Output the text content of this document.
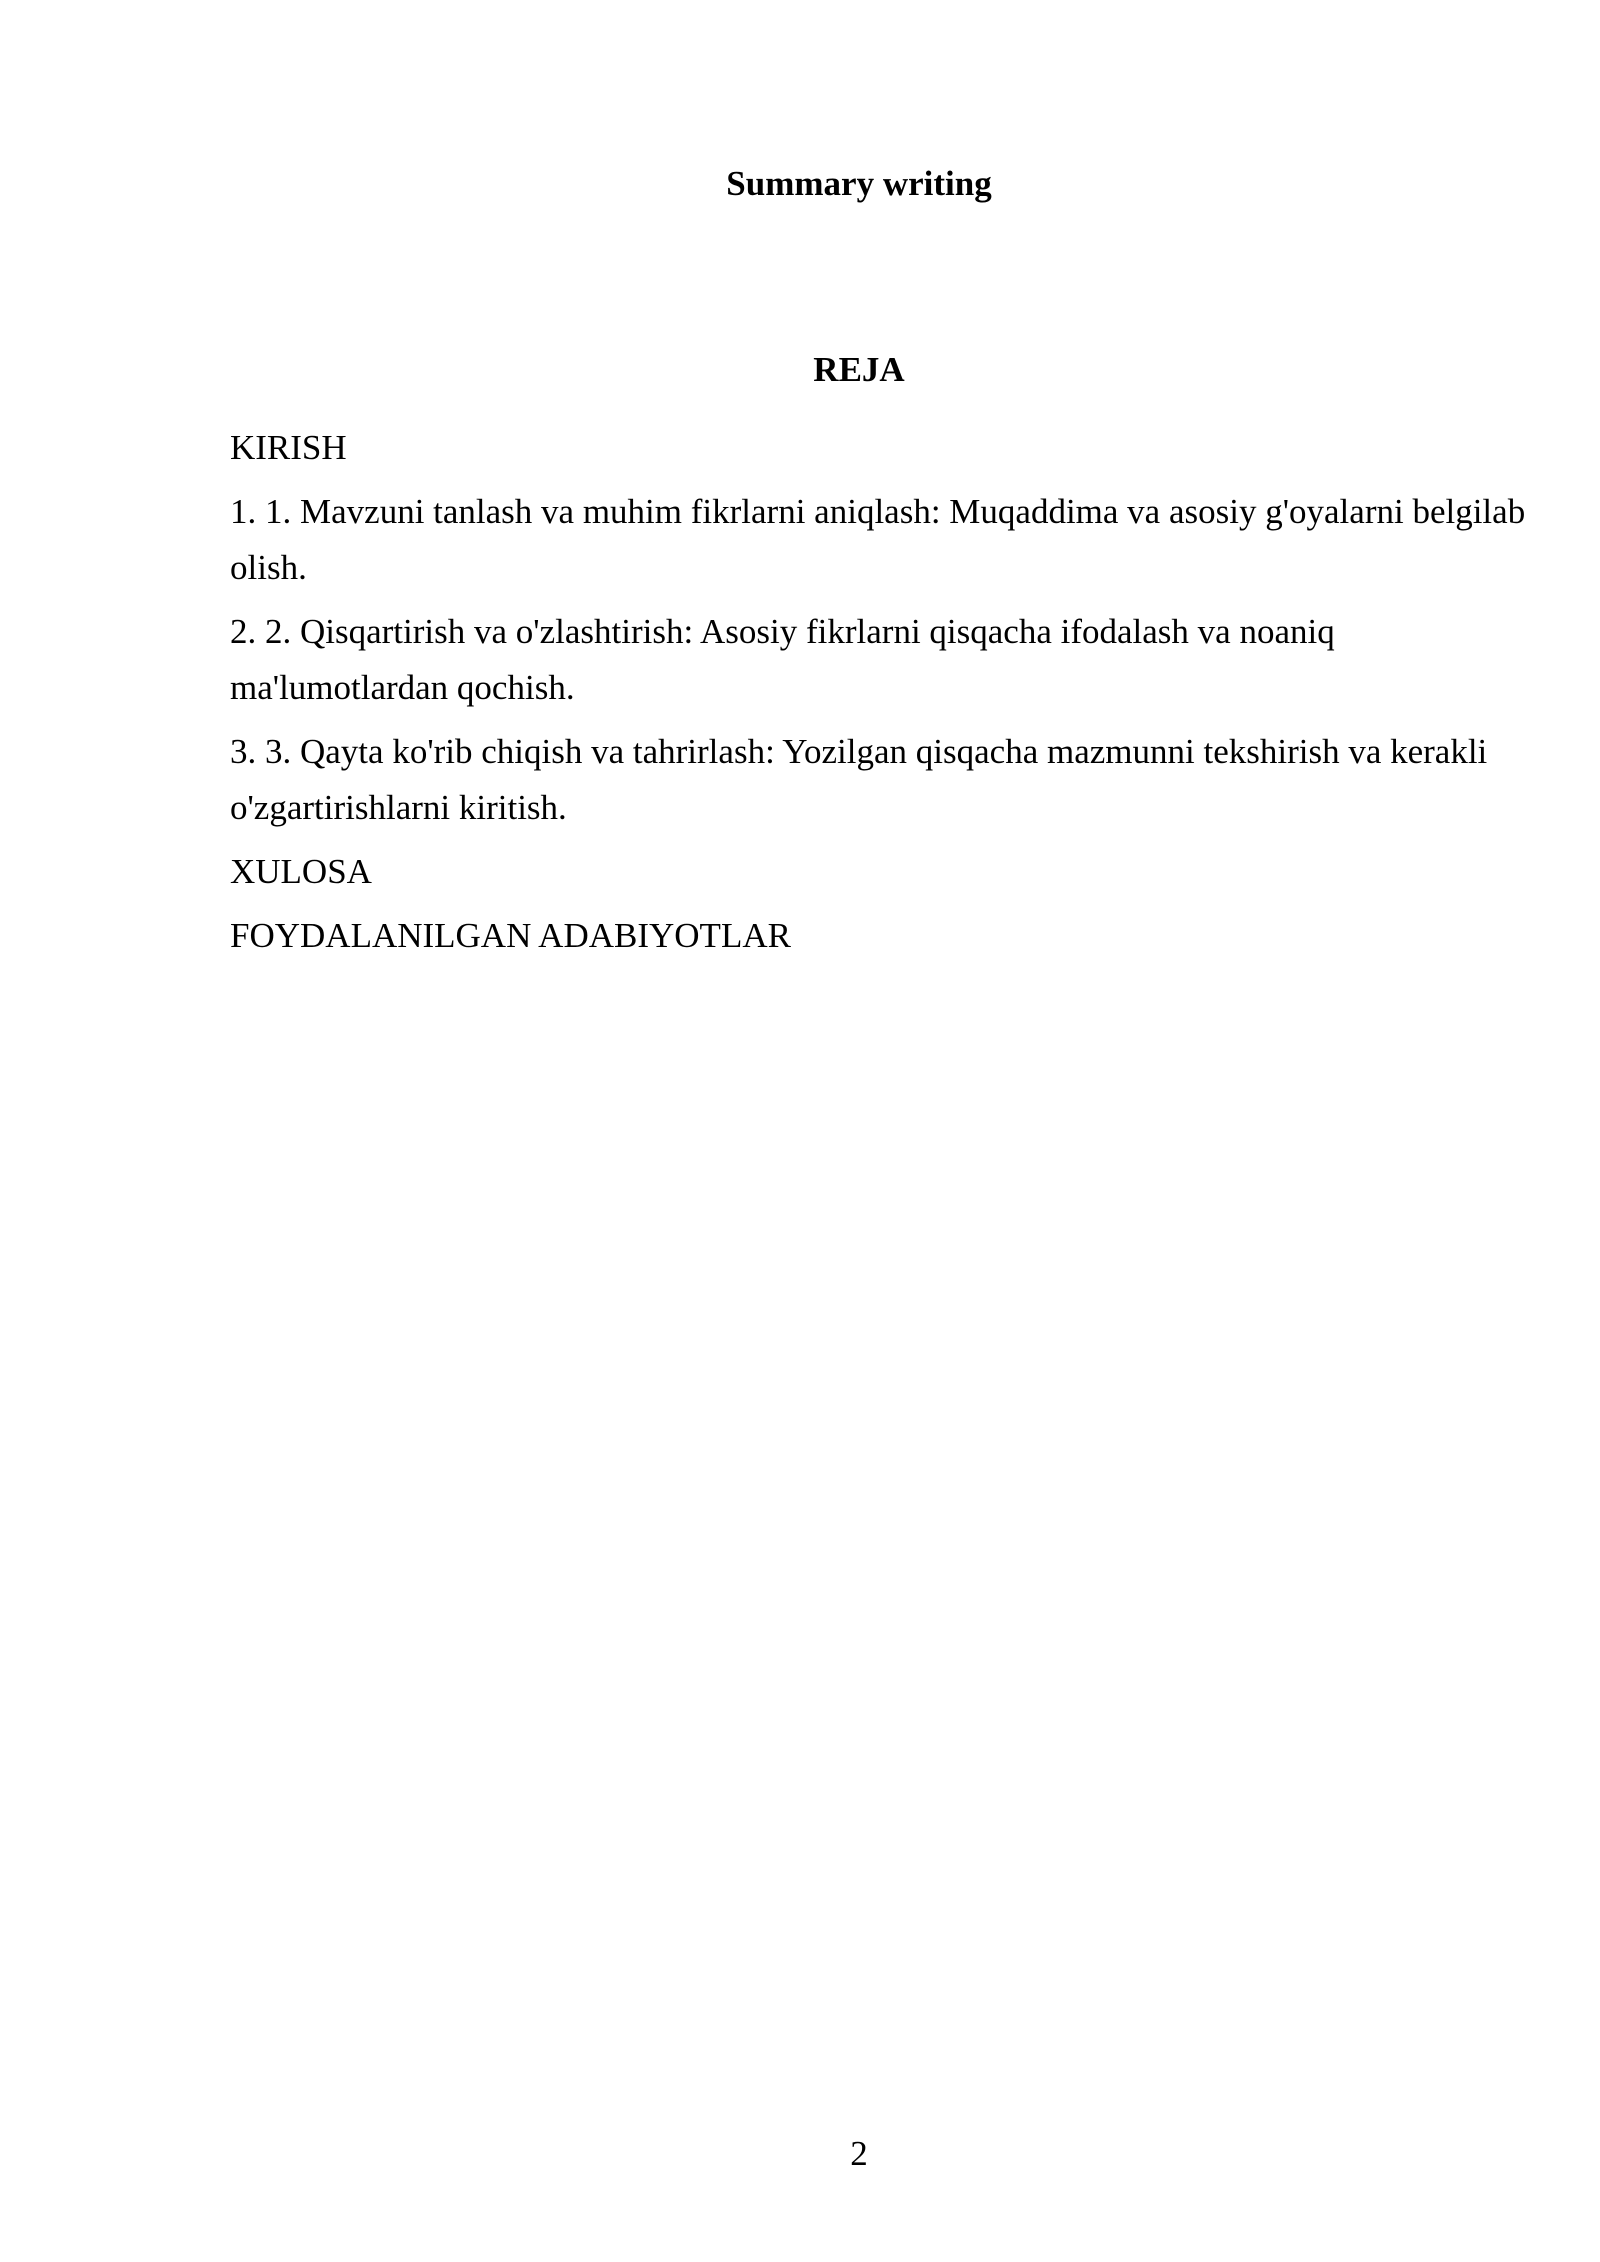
Summary writing
REJA

KIRISH

1. 1. Mavzuni tanlash va muhim fikrlarni aniqlash: Muqaddima va asosiy g'oyalarni belgilab olish.

2. 2. Qisqartirish va o'zlashtirish: Asosiy fikrlarni qisqacha ifodalash va noaniq ma'lumotlardan qochish.

3. 3. Qayta ko'rib chiqish va tahrirlash: Yozilgan qisqacha mazmunni tekshirish va kerakli o'zgartirishlarni kiritish.

XULOSA

FOYDALANILGAN ADABIYOTLAR

2
